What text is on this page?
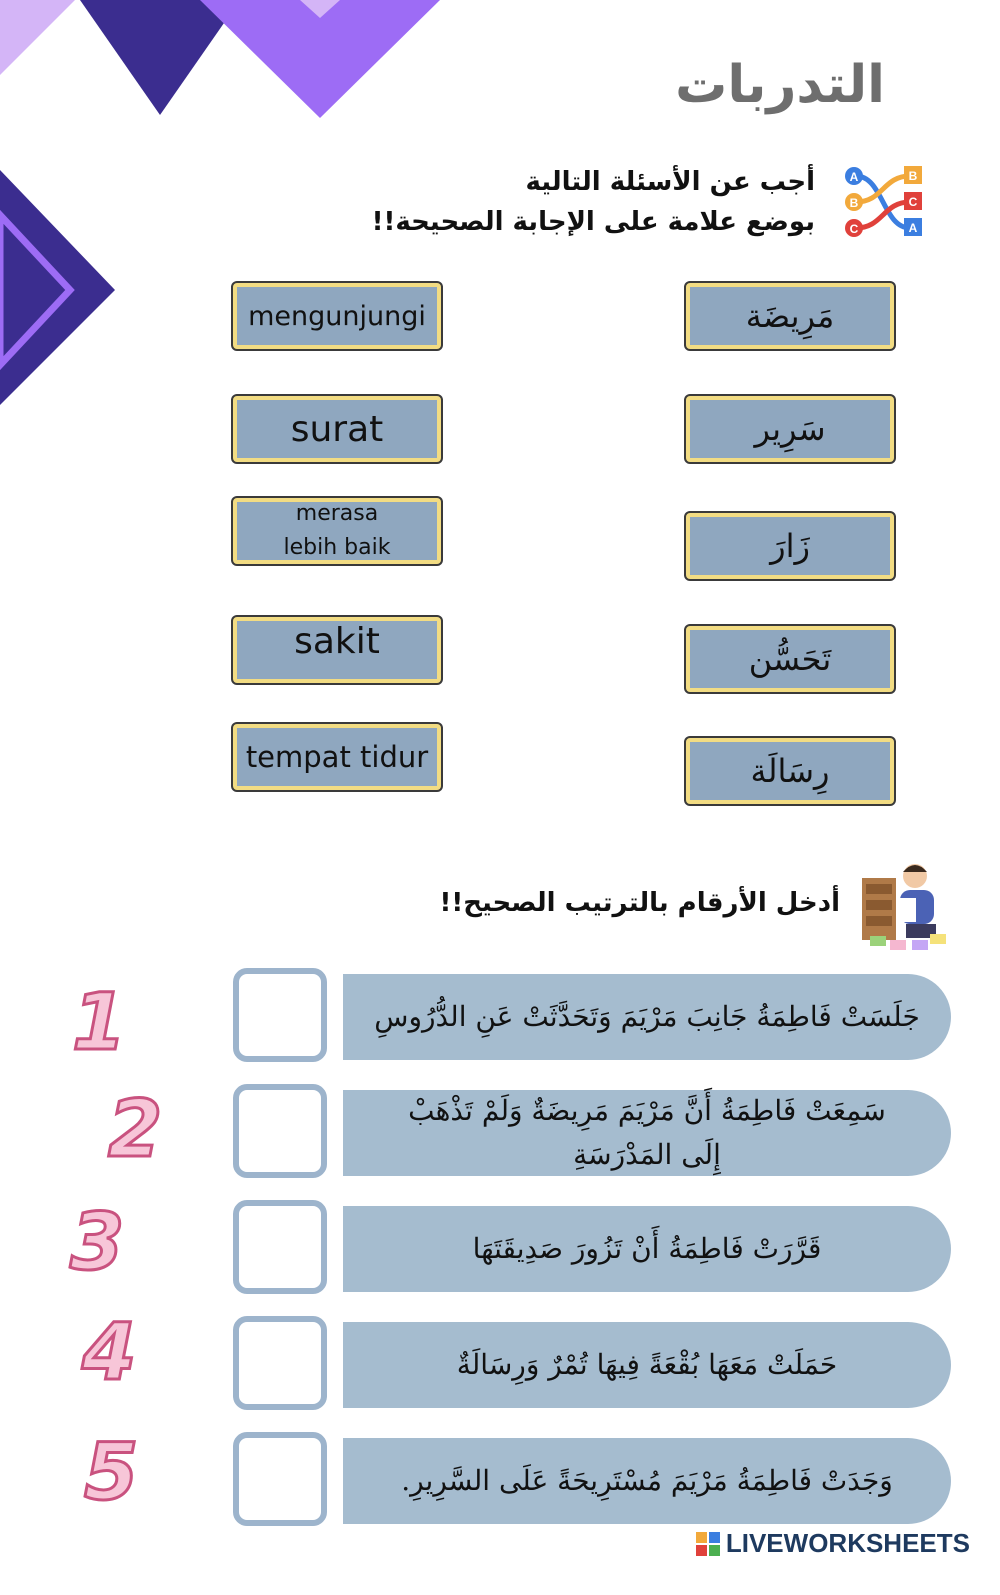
التدربات
A
B
C
B
C
A
أجب عن الأسئلة التالية
بوضع علامة على الإجابة الصحيحة!!
mengunjungi
surat
merasa lebih baik
sakit
tempat tidur
مَرِيضَة
سَرِير
زَارَ
تَحَسُّن
رِسَالَة
أدخل الأرقام بالترتيب الصحيح!!
1	جَلَسَتْ فَاطِمَةُ جَانِبَ مَرْيَمَ وَتَحَدَّثَتْ عَنِ الدُّرُوسِ
2	سَمِعَتْ فَاطِمَةُ أَنَّ مَرْيَمَ مَرِيضَةٌ وَلَمْ تَذْهَبْ إِلَى المَدْرَسَةِ
3	قَرَّرَتْ فَاطِمَةُ أَنْ تَزُورَ صَدِيقَتَهَا
4	حَمَلَتْ مَعَهَا بُقْعَةً فِيهَا تُمْرٌ وَرِسَالَةٌ
5	وَجَدَتْ فَاطِمَةُ مَرْيَمَ مُسْتَرِيحَةً عَلَى السَّرِيرِ.
LIVEWORKSHEETS
